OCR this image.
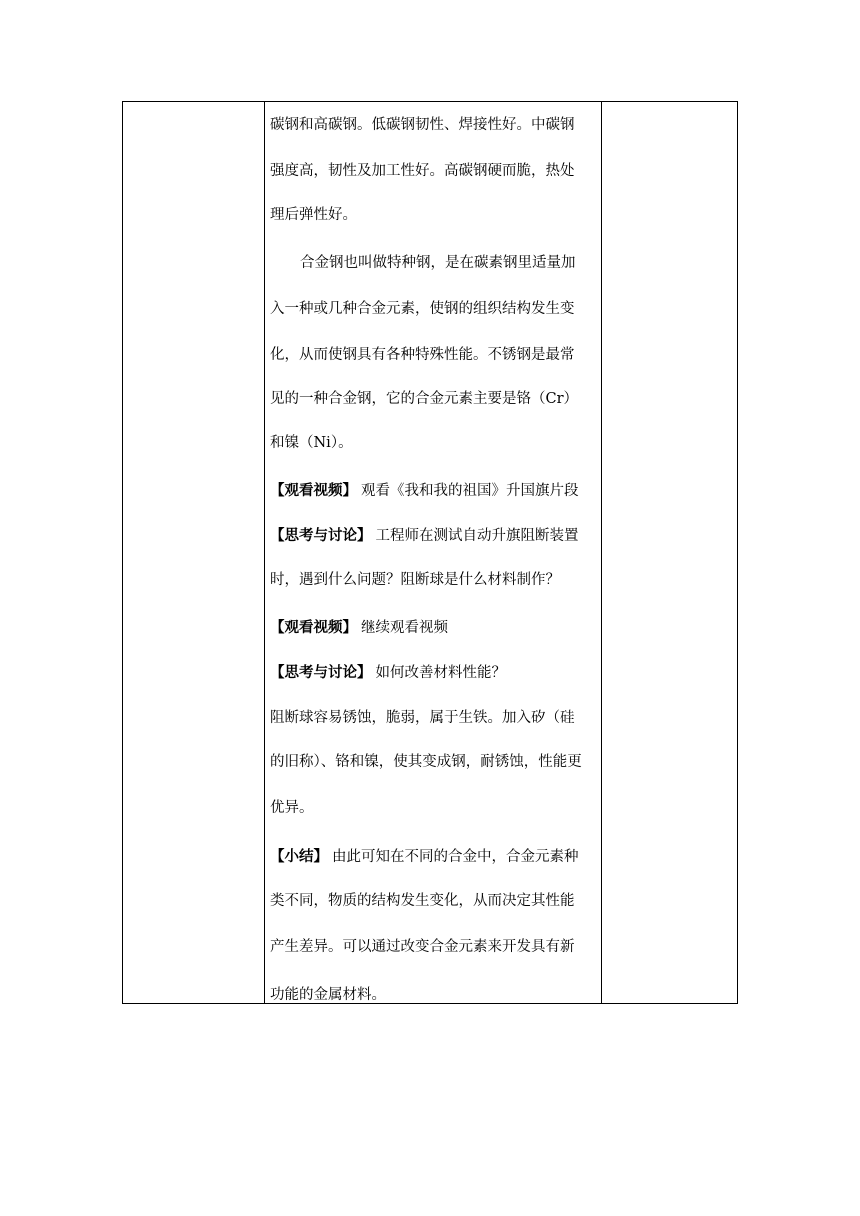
碳钢和高碳钢。低碳钢韧性、焊接性好。中碳钢
强度高，韧性及加工性好。高碳钢硬而脆，热处
理后弹性好。
合金钢也叫做特种钢，是在碳素钢里适量加
入一种或几种合金元素，使钢的组织结构发生变
化，从而使钢具有各种特殊性能。不锈钢是最常
见的一种合金钢，它的合金元素主要是铬（Cr）
和镍（Ni）。
【观看视频】 观看《我和我的祖国》升国旗片段
【思考与讨论】 工程师在测试自动升旗阻断装置
时，遇到什么问题？阻断球是什么材料制作？
【观看视频】 继续观看视频
【思考与讨论】 如何改善材料性能？
阻断球容易锈蚀，脆弱，属于生铁。加入矽（硅
的旧称）、铬和镍，使其变成钢，耐锈蚀，性能更
优异。
【小结】 由此可知在不同的合金中，合金元素种
类不同，物质的结构发生变化，从而决定其性能
产生差异。可以通过改变合金元素来开发具有新
功能的金属材料。
